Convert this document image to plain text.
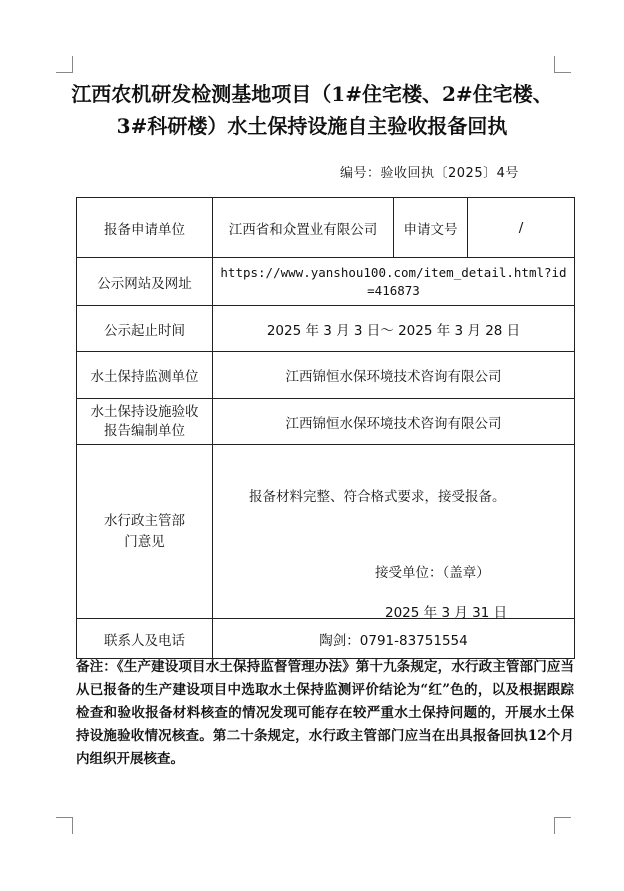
江西农机研发检测基地项目（1#住宅楼、2#住宅楼、
3#科研楼）水土保持设施自主验收报备回执
编号：验收回执〔2025〕4号
报备申请单位	江西省和众置业有限公司	申请文号	/
公示网站及网址	https://www.yanshou100.com/item_detail.html?id=416873		
公示起止时间	2025 年 3 月 3 日～ 2025 年 3 月 28 日		
水土保持监测单位	江西锦恒水保环境技术咨询有限公司		
水土保持设施验收报告编制单位	江西锦恒水保环境技术咨询有限公司		
水行政主管部门意见	报备材料完整、符合格式要求，接受报备。
接受单位：（盖章）
2025 年 3 月 31 日		

联系人及电话	陶剑：0791-83751554		
备注：《生产建设项目水土保持监督管理办法》第十九条规定，水行政主管部门应当从已报备的生产建设项目中选取水土保持监测评价结论为“红”色的，以及根据跟踪检查和验收报备材料核查的情况发现可能存在较严重水土保持问题的，开展水土保持设施验收情况核查。第二十条规定，水行政主管部门应当在出具报备回执12个月内组织开展核查。
